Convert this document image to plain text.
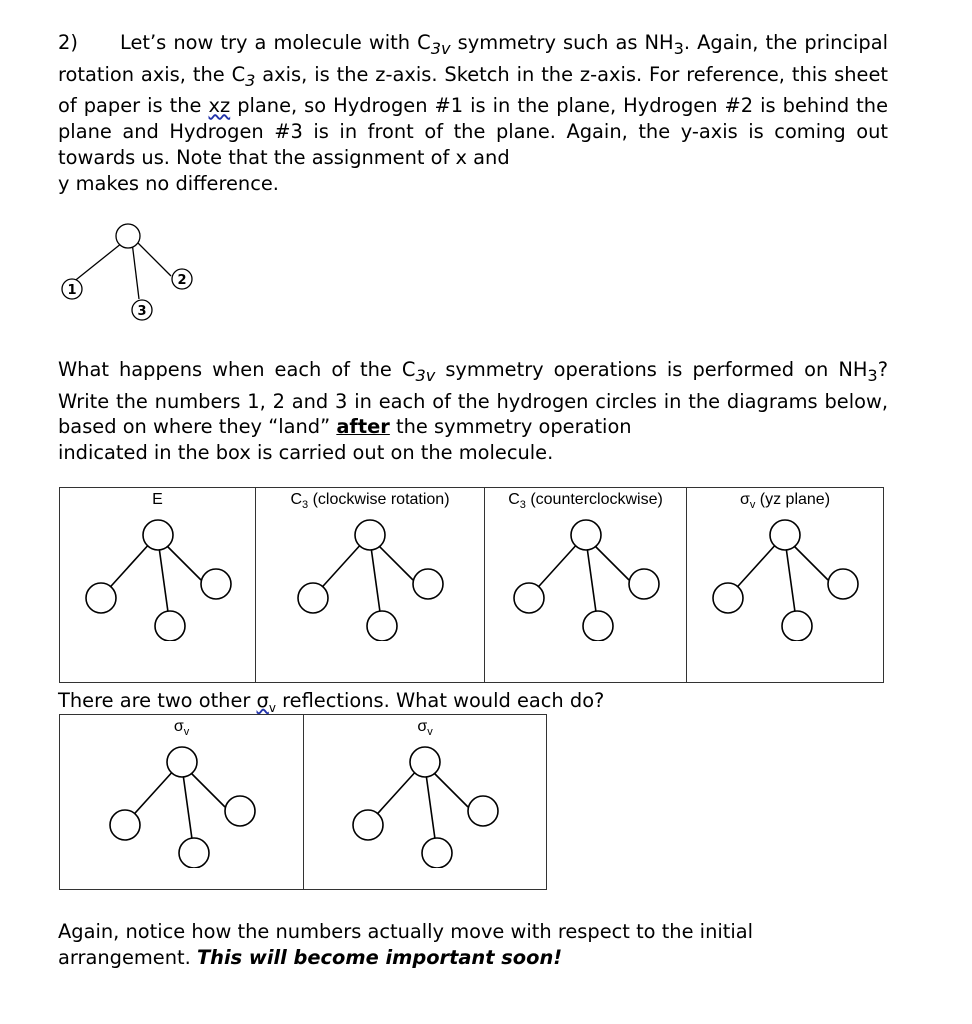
2) Let’s now try a molecule with $C_{3v}$ symmetry such as $NH_3$. Again, the principal rotation axis, the $C_3$ axis, is the z-axis. Sketch in the z-axis. For reference, this sheet of paper is the xz plane, so Hydrogen #1 is in the plane, Hydrogen #2 is behind the plane and Hydrogen #3 is in front of the plane. Again, the y-axis is coming out towards us. Note that the assignment of x and
y makes no difference.

1
2
3

What happens when each of the $C_{3v}$ symmetry operations is performed on $NH_3$? Write the numbers 1, 2 and 3 in each of the hydrogen circles in the diagrams below, based on where they “land” after the symmetry operation
indicated in the box is carried out on the molecule.

E	$C_3$ (clockwise rotation)	$C_3$ (counterclockwise)	$\sigma_v$ (yz plane)
There are two other $\sigma_v$ reflections. What would each do?
$\sigma_v$	$\sigma_v$

Again, notice how the numbers actually move with respect to the initial
arrangement. This will become important soon!
